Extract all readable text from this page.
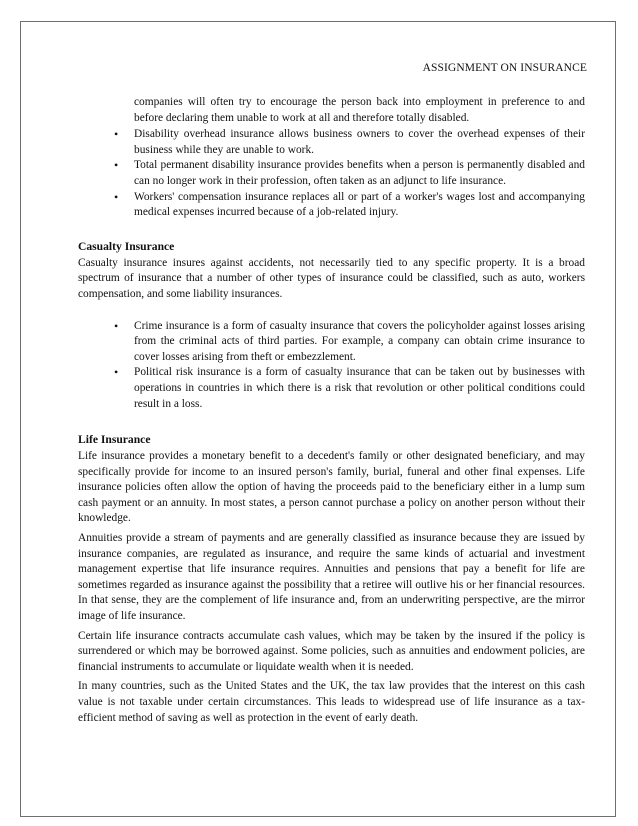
ASSIGNMENT ON INSURANCE

companies will often try to encourage the person back into employment in preference to and before declaring them unable to work at all and therefore totally disabled.

• Disability overhead insurance allows business owners to cover the overhead expenses of their business while they are unable to work.
• Total permanent disability insurance provides benefits when a person is permanently disabled and can no longer work in their profession, often taken as an adjunct to life insurance.
• Workers' compensation insurance replaces all or part of a worker's wages lost and accompanying medical expenses incurred because of a job-related injury.
Casualty Insurance

Casualty insurance insures against accidents, not necessarily tied to any specific property. It is a broad spectrum of insurance that a number of other types of insurance could be classified, such as auto, workers compensation, and some liability insurances.

• Crime insurance is a form of casualty insurance that covers the policyholder against losses arising from the criminal acts of third parties. For example, a company can obtain crime insurance to cover losses arising from theft or embezzlement.
• Political risk insurance is a form of casualty insurance that can be taken out by businesses with operations in countries in which there is a risk that revolution or other political conditions could result in a loss.
Life Insurance

Life insurance provides a monetary benefit to a decedent's family or other designated beneficiary, and may specifically provide for income to an insured person's family, burial, funeral and other final expenses. Life insurance policies often allow the option of having the proceeds paid to the beneficiary either in a lump sum cash payment or an annuity. In most states, a person cannot purchase a policy on another person without their knowledge.

Annuities provide a stream of payments and are generally classified as insurance because they are issued by insurance companies, are regulated as insurance, and require the same kinds of actuarial and investment management expertise that life insurance requires. Annuities and pensions that pay a benefit for life are sometimes regarded as insurance against the possibility that a retiree will outlive his or her financial resources. In that sense, they are the complement of life insurance and, from an underwriting perspective, are the mirror image of life insurance.

Certain life insurance contracts accumulate cash values, which may be taken by the insured if the policy is surrendered or which may be borrowed against. Some policies, such as annuities and endowment policies, are financial instruments to accumulate or liquidate wealth when it is needed.

In many countries, such as the United States and the UK, the tax law provides that the interest on this cash value is not taxable under certain circumstances. This leads to widespread use of life insurance as a tax-efficient method of saving as well as protection in the event of early death.
